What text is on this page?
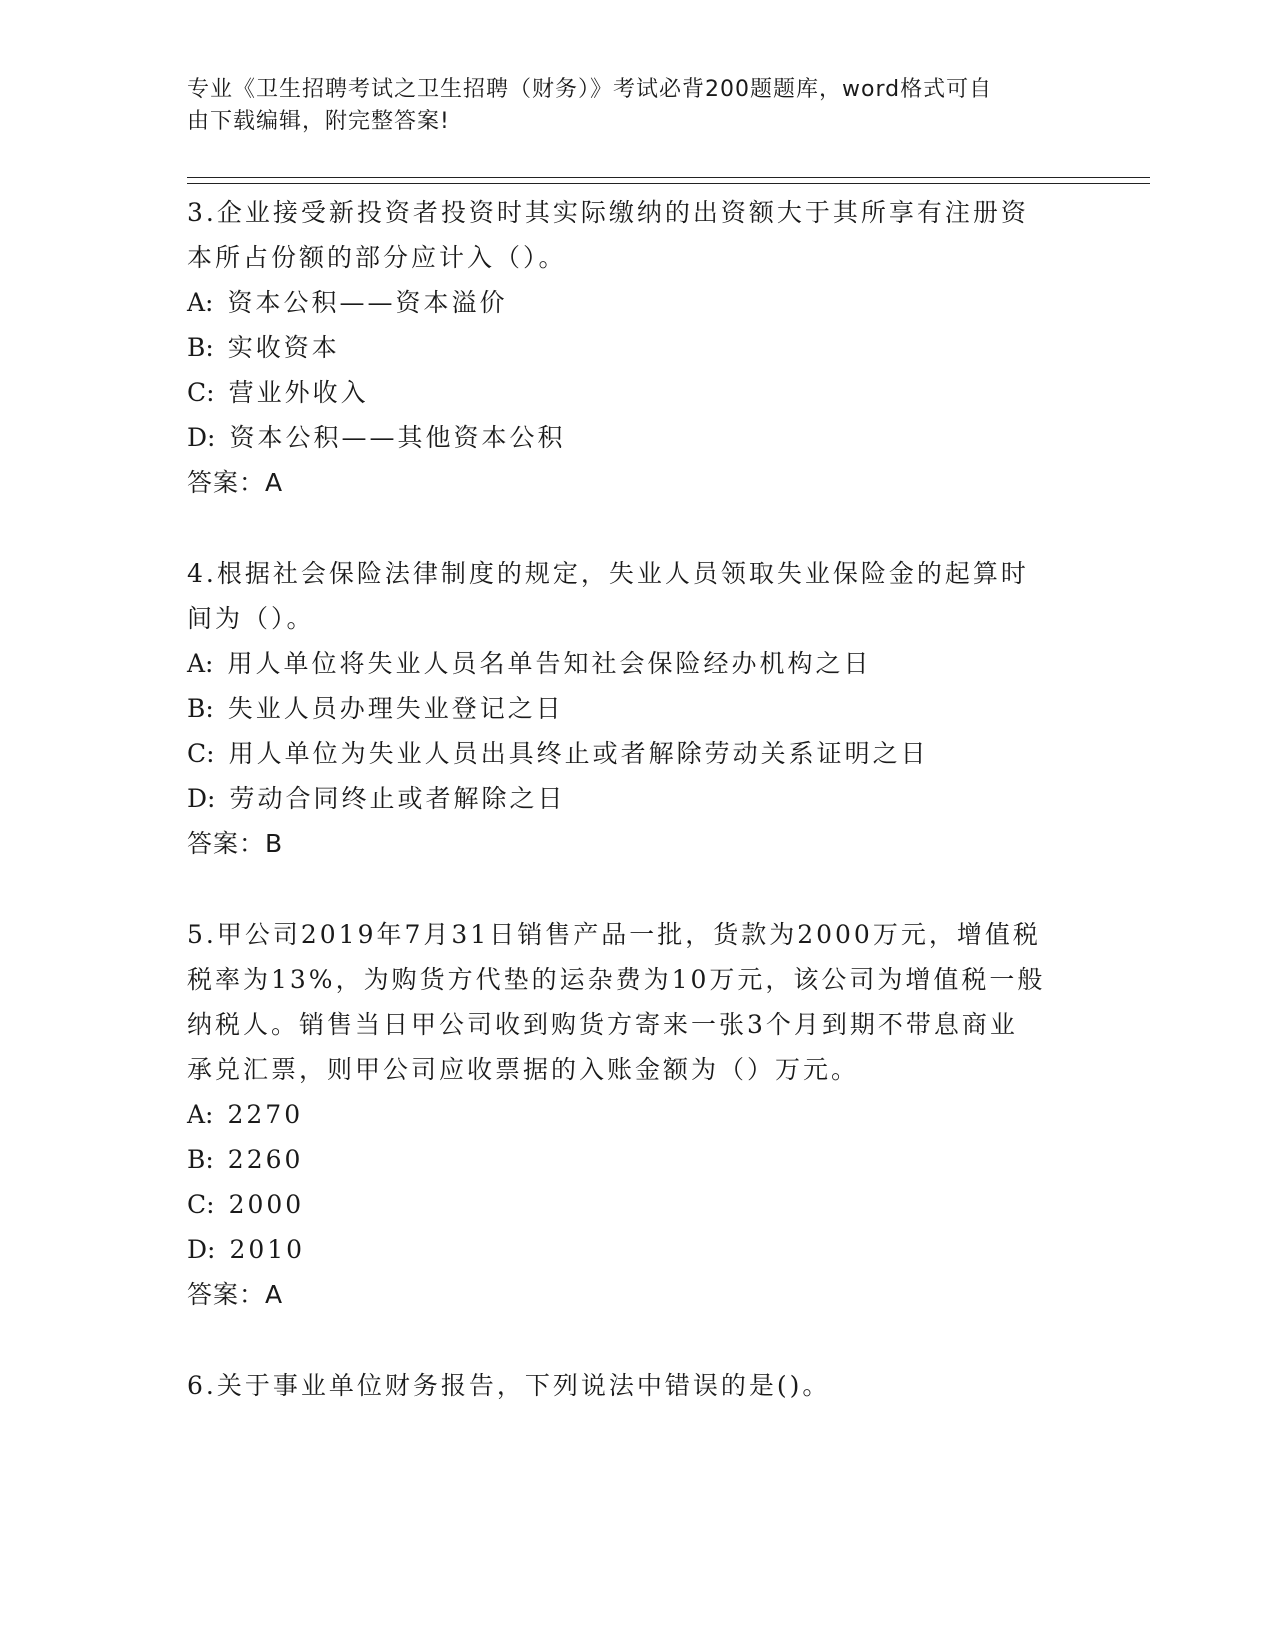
专业《卫生招聘考试之卫生招聘（财务）》考试必背200题题库，word格式可自
由下载编辑，附完整答案!
3.企业接受新投资者投资时其实际缴纳的出资额大于其所享有注册资
本所占份额的部分应计入（）。
A: 资本公积——资本溢价
B: 实收资本
C: 营业外收入
D: 资本公积——其他资本公积
答案：A
4.根据社会保险法律制度的规定，失业人员领取失业保险金的起算时
间为（）。
A: 用人单位将失业人员名单告知社会保险经办机构之日
B: 失业人员办理失业登记之日
C: 用人单位为失业人员出具终止或者解除劳动关系证明之日
D: 劳动合同终止或者解除之日
答案：B
5.甲公司2019年7月31日销售产品一批，货款为2000万元，增值税
税率为13%，为购货方代垫的运杂费为10万元，该公司为增值税一般
纳税人。销售当日甲公司收到购货方寄来一张3个月到期不带息商业
承兑汇票，则甲公司应收票据的入账金额为（）万元。
A: 2270
B: 2260
C: 2000
D: 2010
答案：A
6.关于事业单位财务报告，下列说法中错误的是()。
